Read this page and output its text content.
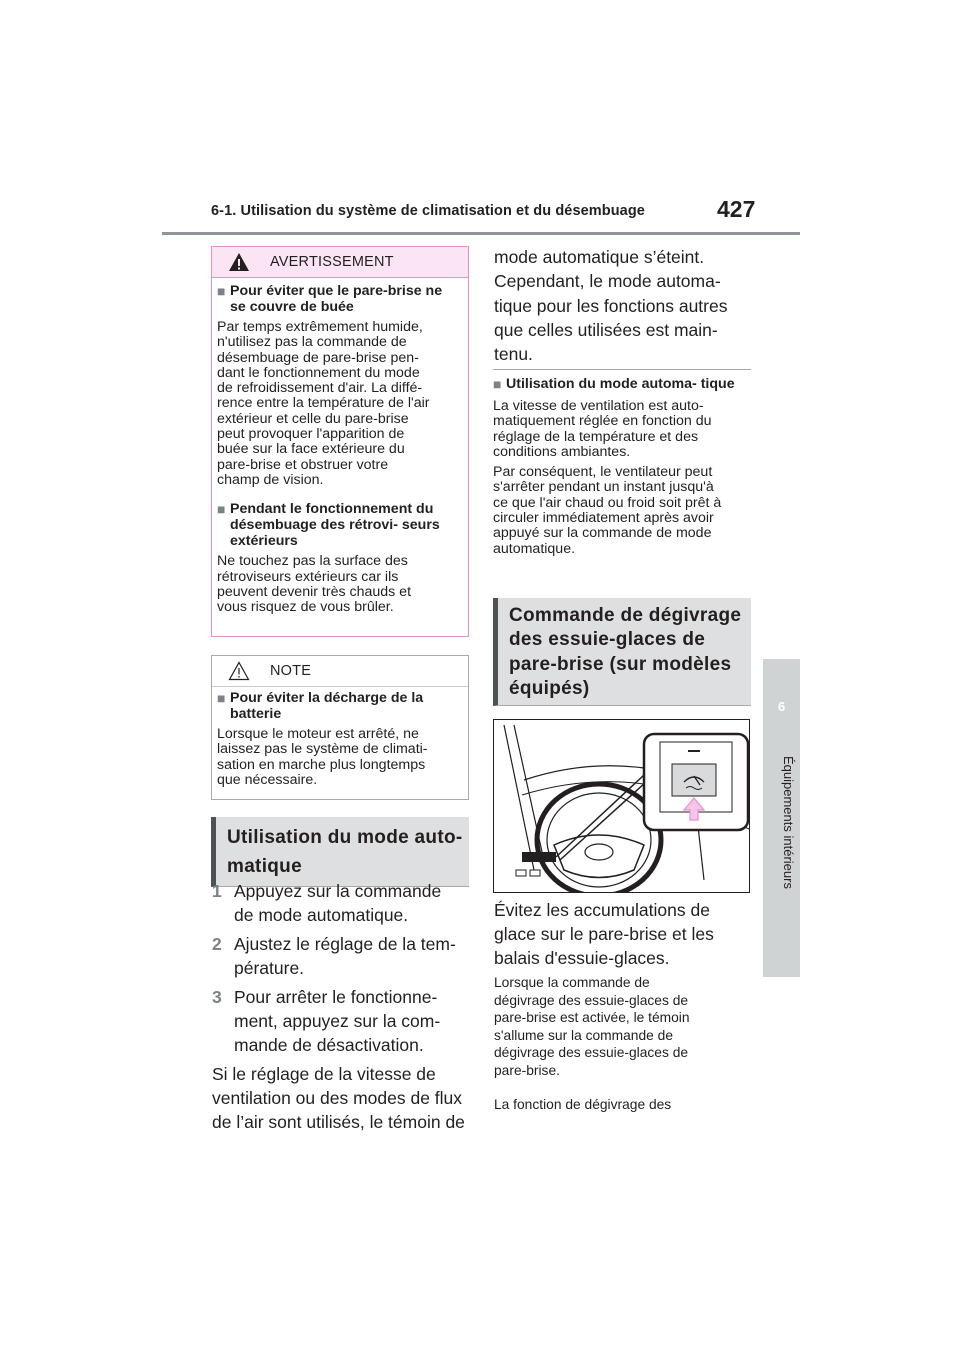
6-1. Utilisation du système de climatisation et du désembuage	427
6
Équipements intérieurs
AVERTISSEMENT
■ Pour éviter que le pare-brise ne se couvre de buée
Par temps extrêmement humide,
n'utilisez pas la commande de
désembuage de pare-brise pen-
dant le fonctionnement du mode
de refroidissement d'air. La diffé-
rence entre la température de l'air
extérieur et celle du pare-brise
peut provoquer l'apparition de
buée sur la face extérieure du
pare-brise et obstruer votre
champ de vision.
■ Pendant le fonctionnement du désembuage des rétrovi- seurs extérieurs
Ne touchez pas la surface des
rétroviseurs extérieurs car ils
peuvent devenir très chauds et
vous risquez de vous brûler.
NOTE
■ Pour éviter la décharge de la batterie
Lorsque le moteur est arrêté, ne
laissez pas le système de climati-
sation en marche plus longtemps
que nécessaire.
Utilisation du mode auto-
matique
1 Appuyez sur la commande
de mode automatique.
2 Ajustez le réglage de la tem-
pérature.
3 Pour arrêter le fonctionne-
ment, appuyez sur la com-
mande de désactivation.
Si le réglage de la vitesse de
ventilation ou des modes de flux
de l’air sont utilisés, le témoin de
mode automatique s’éteint.
Cependant, le mode automa-
tique pour les fonctions autres
que celles utilisées est main-
tenu.
■ Utilisation du mode automa- tique
La vitesse de ventilation est auto-
matiquement réglée en fonction du
réglage de la température et des
conditions ambiantes.
Par conséquent, le ventilateur peut
s'arrêter pendant un instant jusqu'à
ce que l'air chaud ou froid soit prêt à
circuler immédiatement après avoir
appuyé sur la commande de mode
automatique.
Commande de dégivrage
des essuie-glaces de
pare-brise (sur modèles
équipés)
Évitez les accumulations de
glace sur le pare-brise et les
balais d'essuie-glaces.
Lorsque la commande de
dégivrage des essuie-glaces de
pare-brise est activée, le témoin
s'allume sur la commande de
dégivrage des essuie-glaces de
pare-brise.
La fonction de dégivrage des
